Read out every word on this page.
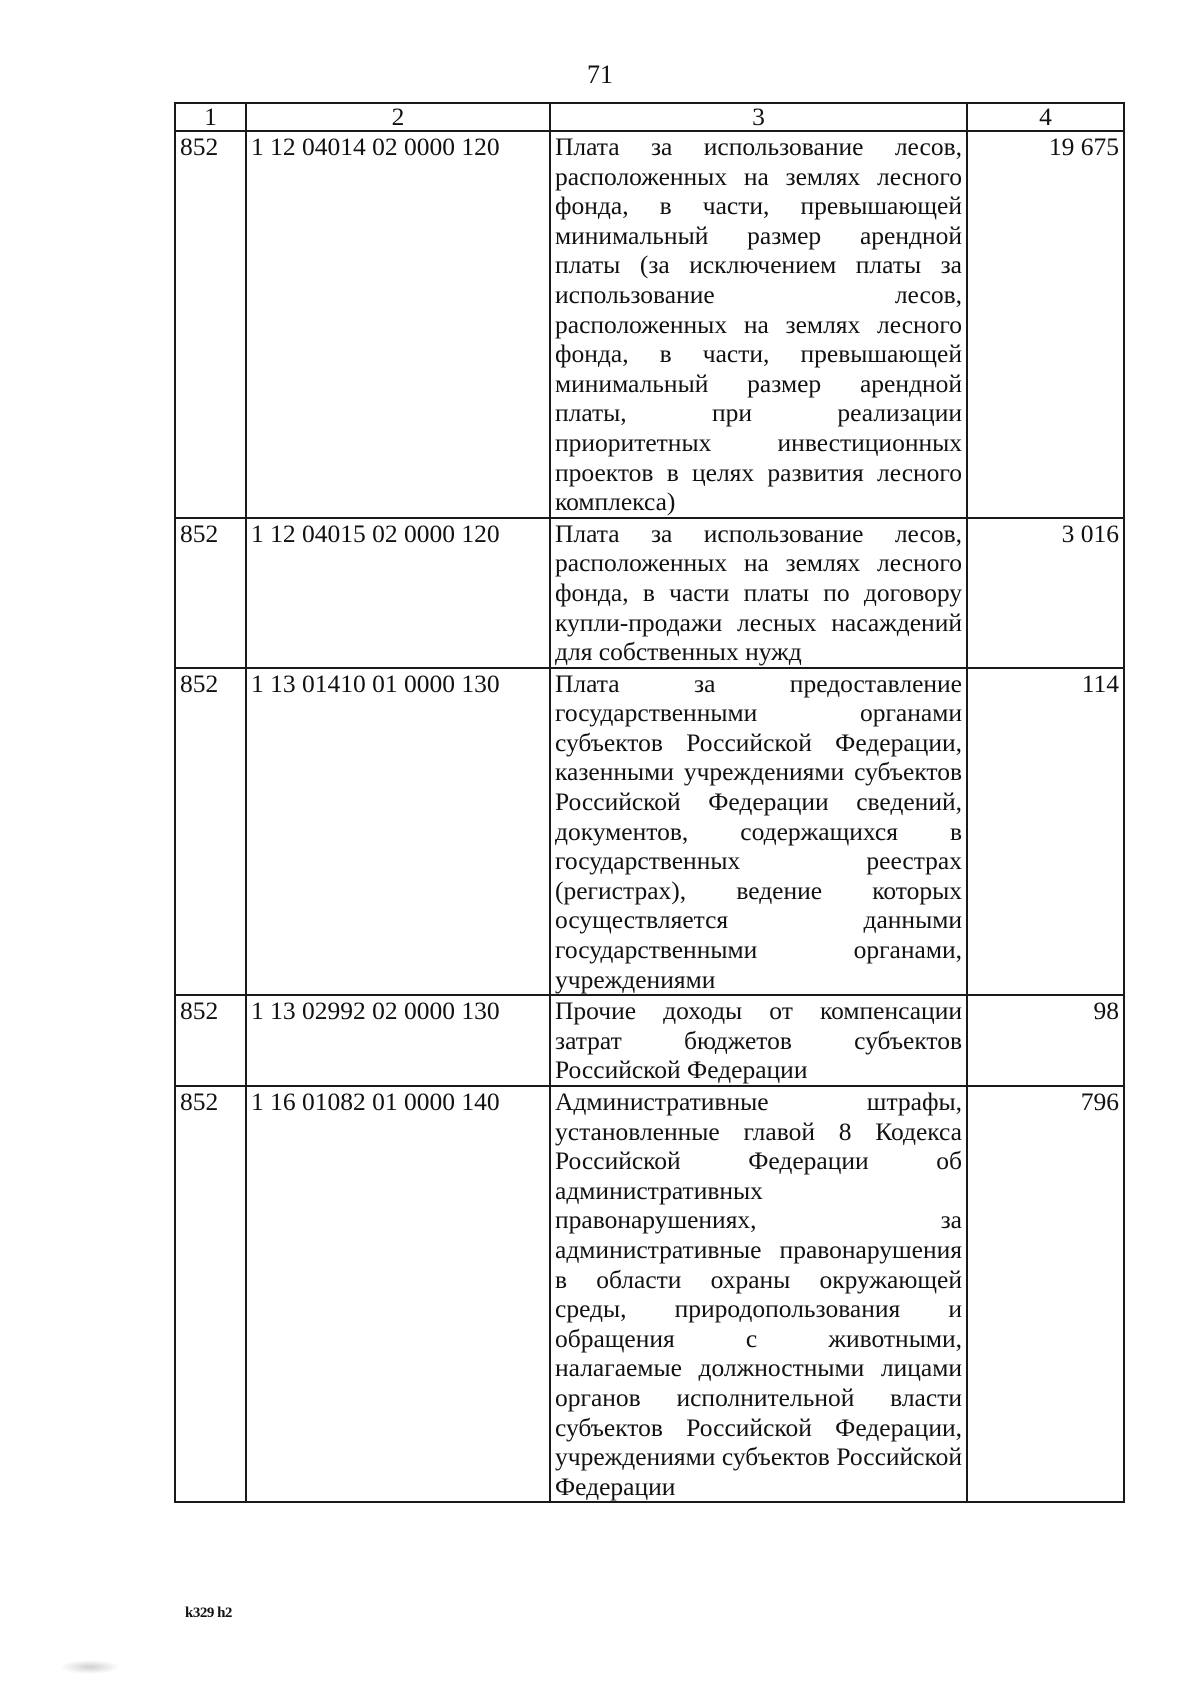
71
1	2	3	4
852	1 12 04014 02 0000 120	Плата за использование лесов, расположенных на землях лесного фонда, в части, превышающей минимальный размер арендной платы (за исключением платы за использование лесов, расположенных на землях лесного фонда, в части, превышающей минимальный размер арендной платы, при реализации приоритетных инвестиционных проектов в целях развития лесного комплекса)	19 675
852	1 12 04015 02 0000 120	Плата за использование лесов, расположенных на землях лесного фонда, в части платы по договору купли-продажи лесных насаждений для собственных нужд	3 016
852	1 13 01410 01 0000 130	Плата за предоставление государственными органами субъектов Российской Федерации, казенными учреждениями субъектов Российской Федерации сведений, документов, содержащихся в государственных реестрах (регистрах), ведение которых осуществляется данными государственными органами, учреждениями	114
852	1 13 02992 02 0000 130	Прочие доходы от компенсации затрат бюджетов субъектов Российской Федерации	98
852	1 16 01082 01 0000 140	Административные штрафы, установленные главой 8 Кодекса Российской Федерации об административных правонарушениях, за административные правонарушения в области охраны окружающей среды, природопользования и обращения с животными, налагаемые должностными лицами органов исполнительной власти субъектов Российской Федерации, учреждениями субъектов Российской Федерации	796
k329 h2
